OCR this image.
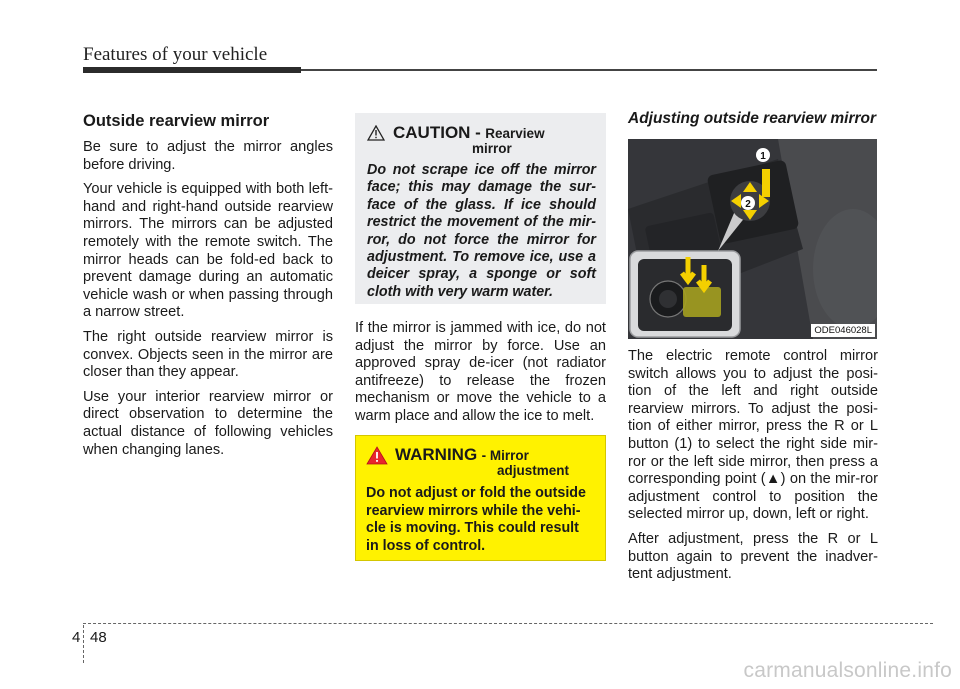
Features of your vehicle
Outside rearview mirror

Be sure to adjust the mirror angles before driving.

Your vehicle is equipped with both left-hand and right-hand outside rearview mirrors. The mirrors can be adjusted remotely with the remote switch. The mirror heads can be fold-ed back to prevent damage during an automatic vehicle wash or when passing through a narrow street.

The right outside rearview mirror is convex. Objects seen in the mirror are closer than they appear.

Use your interior rearview mirror or direct observation to determine the actual distance of following vehicles when changing lanes.

CAUTION - Rearview
mirror
Do not scrape ice off the mirror face; this may damage the sur-face of the glass. If ice should restrict the movement of the mir-ror, do not force the mirror for adjustment. To remove ice, use a deicer spray, a sponge or soft cloth with very warm water.

If the mirror is jammed with ice, do not adjust the mirror by force. Use an approved spray de-icer (not radiator antifreeze) to release the frozen mechanism or move the vehicle to a warm place and allow the ice to melt.

WARNING - Mirror
adjustment
Do not adjust or fold the outside rearview mirrors while the vehi-cle is moving. This could result in loss of control.
Adjusting outside rearview mirror
1
2
ODE046028L

The electric remote control mirror switch allows you to adjust the posi-tion of the left and right outside rearview mirrors. To adjust the posi-tion of either mirror, press the R or L button (1) to select the right side mir-ror or the left side mirror, then press a corresponding point (▲) on the mir-ror adjustment control to position the selected mirror up, down, left or right.

After adjustment, press the R or L button again to prevent the inadver-tent adjustment.

4 48
carmanualsonline.info
